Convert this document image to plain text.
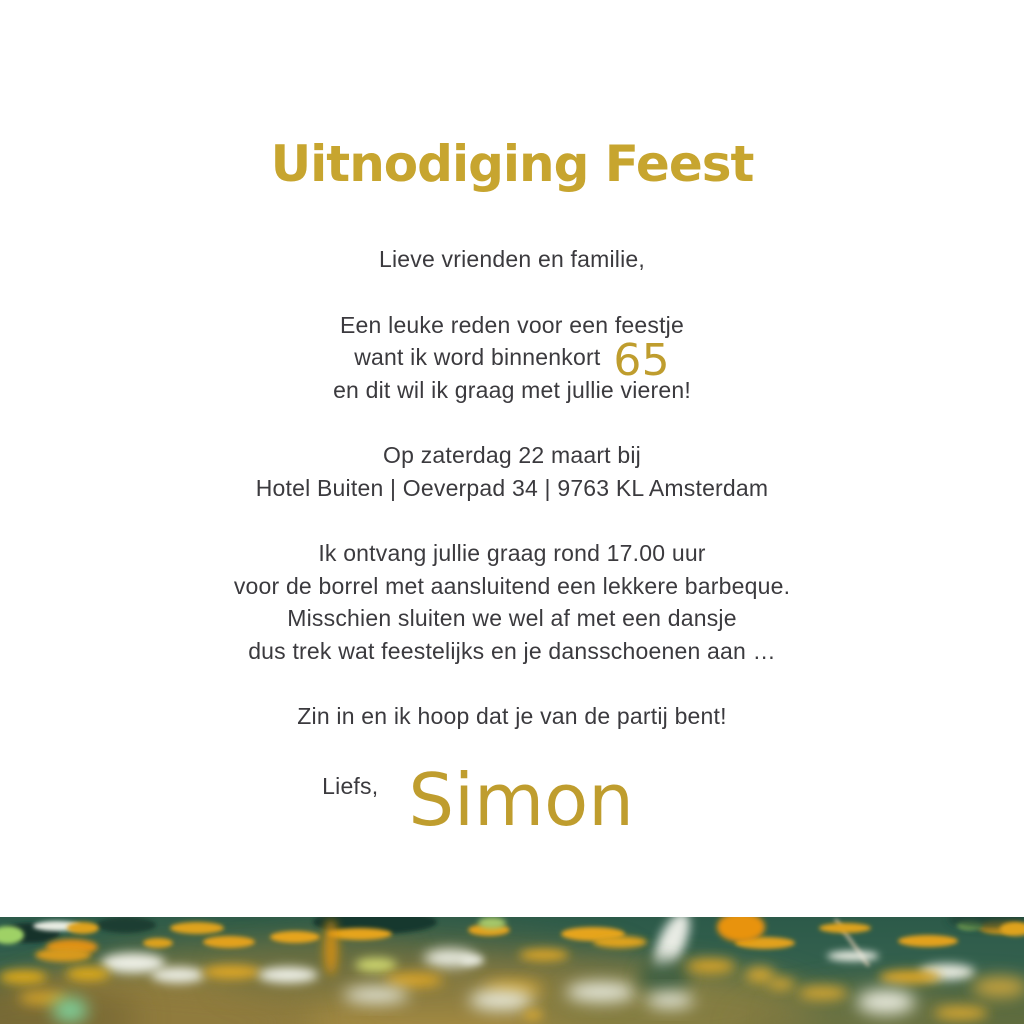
Uitnodiging Feest

Lieve vrienden en familie,

Een leuke reden voor een feestje
want ik word binnenkort 65
en dit wil ik graag met jullie vieren!

Op zaterdag 22 maart bij
Hotel Buiten | Oeverpad 34 | 9763 KL Amsterdam

Ik ontvang jullie graag rond 17.00 uur
voor de borrel met aansluitend een lekkere barbeque.
Misschien sluiten we wel af met een dansje
dus trek wat feestelijks en je dansschoenen aan …

Zin in en ik hoop dat je van de partij bent!

Liefs, Simon
